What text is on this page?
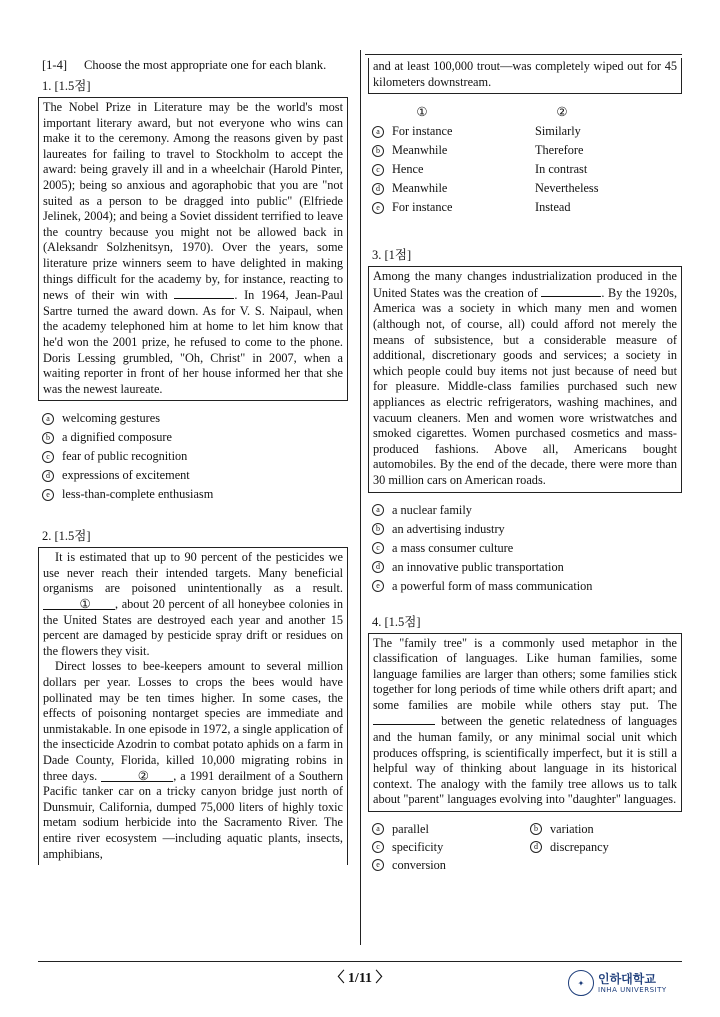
[1-4]	Choose the most appropriate one for each blank.
1. [1.5점]

The Nobel Prize in Literature may be the world's most important literary award, but not everyone who wins can make it to the ceremony. Among the reasons given by past laureates for failing to travel to Stockholm to accept the award: being gravely ill and in a wheelchair (Harold Pinter, 2005); being so anxious and agoraphobic that you are "not suited as a person to be dragged into public" (Elfriede Jelinek, 2004); and being a Soviet dissident terrified to leave the country because you might not be allowed back in (Aleksandr Solzhenitsyn, 1970). Over the years, some literature prize winners seem to have delighted in making things difficult for the academy by, for instance, reacting to news of their win with	. In 1964, Jean-Paul Sartre turned the award down. As for V. S. Naipaul, when the academy telephoned him at home to let him know that he'd won the 2001 prize, he refused to come to the phone. Doris Lessing grumbled, "Oh, Christ" in 2007, when a waiting reporter in front of her house informed her that she was the newest laureate.

a welcoming gestures
b a dignified composure
c fear of public recognition
d expressions of excitement
e less-than-complete enthusiasm
2. [1.5점]

It is estimated that up to 90 percent of the pesticides we use never reach their intended targets. Many beneficial organisms are poisoned unintentionally as a result. ① , about 20 percent of all honeybee colonies in the United States are destroyed each year and another 15 percent are damaged by pesticide spray drift or residues on the flowers they visit.

Direct losses to bee-keepers amount to several million dollars per year. Losses to crops the bees would have pollinated may be ten times higher. In some cases, the effects of poisoning nontarget species are immediate and unmistakable. In one episode in 1972, a single application of the insecticide Azodrin to combat potato aphids on a farm in Dade County, Florida, killed 10,000 migrating robins in three days.	② , a 1991 derailment of a Southern Pacific tanker car on a tricky canyon bridge just north of Dunsmuir, California, dumped 75,000 liters of highly toxic metam sodium herbicide into the Sacramento River. The entire river ecosystem —including aquatic plants, insects, amphibians,

and at least 100,000 trout—was completely wiped out for 45 kilometers downstream.

①	②
a For instance	Similarly
b Meanwhile	Therefore
c Hence	In contrast
d Meanwhile	Nevertheless
e For instance	Instead
3. [1점]

Among the many changes industrialization produced in the United States was the creation of	. By the 1920s, America was a society in which many men and women (although not, of course, all) could afford not merely the means of subsistence, but a considerable measure of additional, discretionary goods and services; a society in which people could buy items not just because of need but for pleasure. Middle-class families purchased such new appliances as electric refrigerators, washing machines, and vacuum cleaners. Men and women wore wristwatches and smoked cigarettes. Women purchased cosmetics and mass-produced fashions. Above all, Americans bought automobiles. By the end of the decade, there were more than 30 million cars on American roads.

a a nuclear family
b an advertising industry
c a mass consumer culture
d an innovative public transportation
e a powerful form of mass communication
4. [1.5점]

The "family tree" is a commonly used metaphor in the classification of languages. Like human families, some language families are larger than others; some families stick together for long periods of time while others drift apart; and some families are mobile while others stay put. The  between the genetic relatedness of languages and the human family, or any minimal social unit which produces offspring, is scientifically imperfect, but it is still a helpful way of thinking about language in its historical context. The analogy with the family tree allows us to talk about "parent" languages evolving into "daughter" languages.

a parallel	b variation
c specificity	d discrepancy
e conversion
〈 1/11 〉	✦	인하대학교
INHA UNIVERSITY
